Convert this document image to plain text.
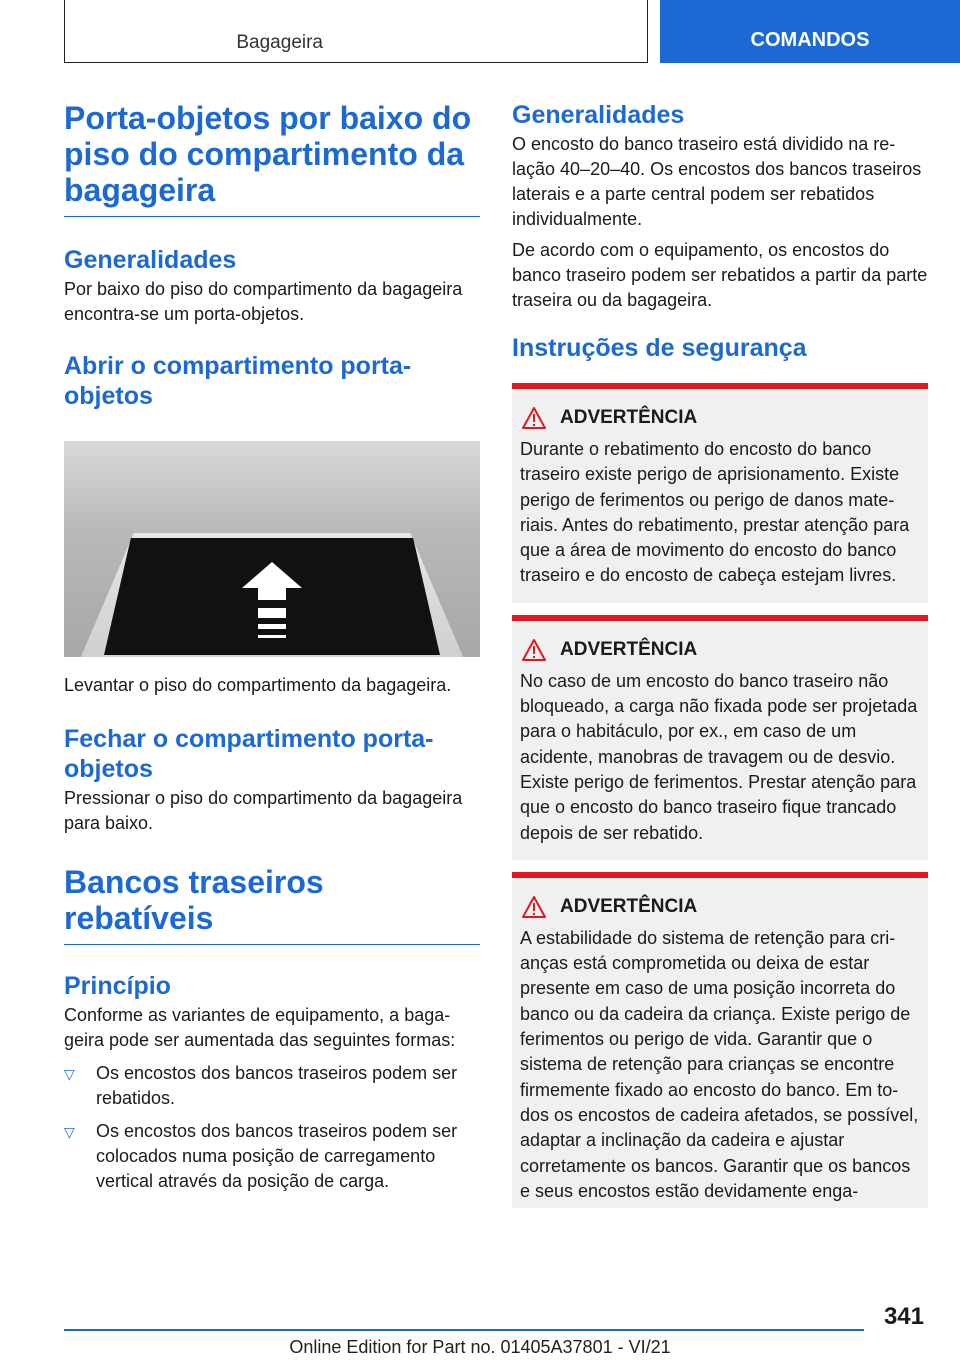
Bagageira	COMANDOS
Porta-objetos por baixo do piso do compartimento da bagageira
Generalidades

Por baixo do piso do compartimento da bagageira encontra-se um porta-objetos.

Abrir o compartimento porta-objetos

Levantar o piso do compartimento da bagageira.

Fechar o compartimento porta-objetos

Pressionar o piso do compartimento da bagageira para baixo.

Bancos traseiros rebatíveis
Princípio

Conforme as variantes de equipamento, a bagageira pode ser aumentada das seguintes formas:

▽	Os encostos dos bancos traseiros podem ser rebatidos.
▽	Os encostos dos bancos traseiros podem ser colocados numa posição de carregamento vertical através da posição de carga.
Generalidades

O encosto do banco traseiro está dividido na relação 40–20–40. Os encostos dos bancos traseiros laterais e a parte central podem ser rebatidos individualmente.

De acordo com o equipamento, os encostos do banco traseiro podem ser rebatidos a partir da parte traseira ou da bagageira.

Instruções de segurança
ADVERTÊNCIA

Durante o rebatimento do encosto do banco traseiro existe perigo de aprisionamento. Existe perigo de ferimentos ou perigo de danos materiais. Antes do rebatimento, prestar atenção para que a área de movimento do encosto do banco traseiro e do encosto de cabeça estejam livres.

ADVERTÊNCIA

No caso de um encosto do banco traseiro não bloqueado, a carga não fixada pode ser projetada para o habitáculo, por ex., em caso de um acidente, manobras de travagem ou de desvio. Existe perigo de ferimentos. Prestar atenção para que o encosto do banco traseiro fique trancado depois de ser rebatido.

ADVERTÊNCIA

A estabilidade do sistema de retenção para crianças está comprometida ou deixa de estar presente em caso de uma posição incorreta do banco ou da cadeira da criança. Existe perigo de ferimentos ou perigo de vida. Garantir que o sistema de retenção para crianças se encontre firmemente fixado ao encosto do banco. Em todos os encostos de cadeira afetados, se possível, adaptar a inclinação da cadeira e ajustar corretamente os bancos. Garantir que os bancos e seus encostos estão devidamente enga-

341
Online Edition for Part no. 01405A37801 - VI/21
